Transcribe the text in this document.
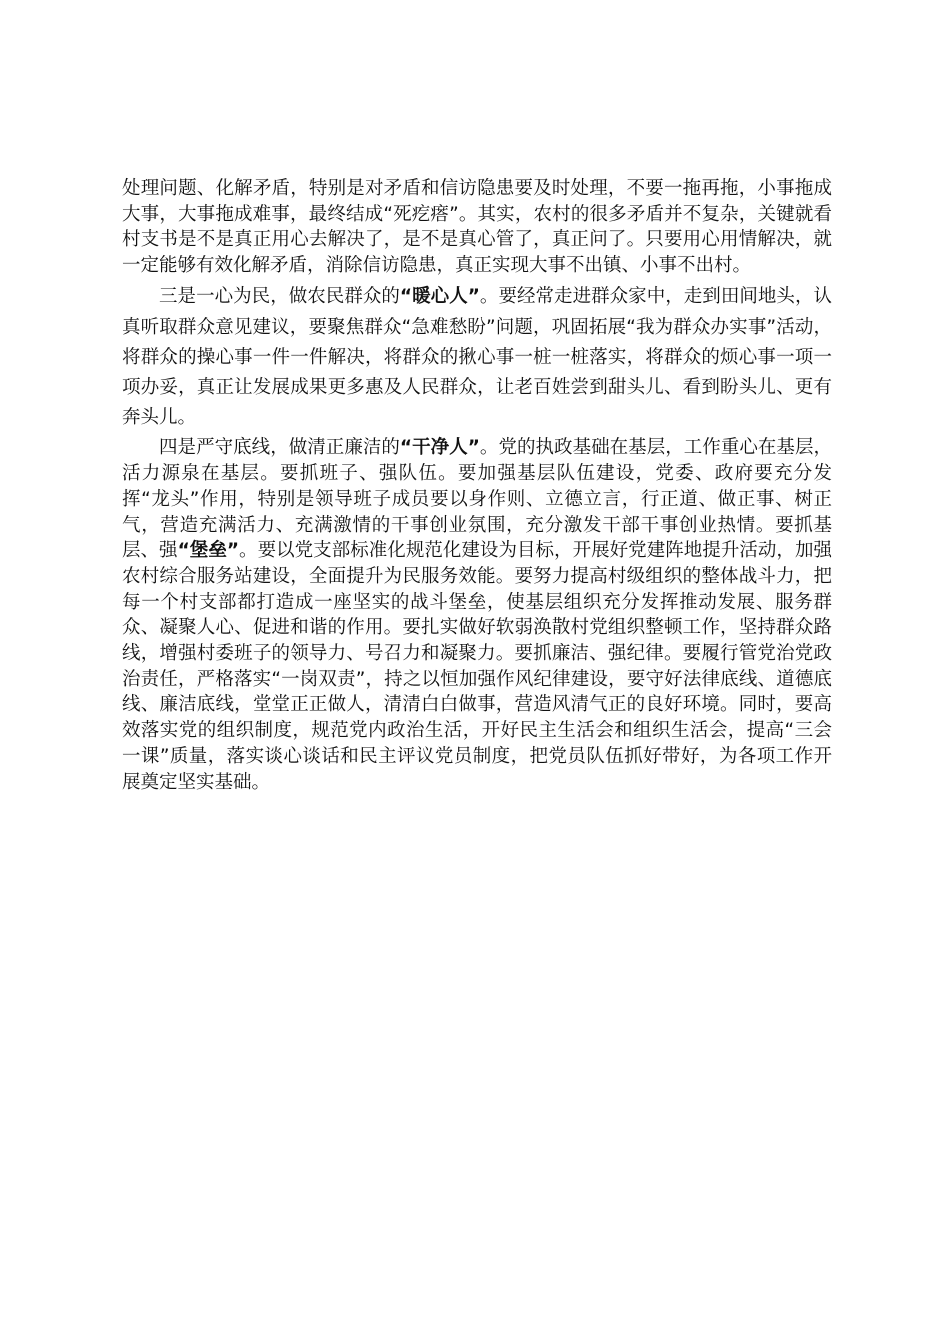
处理问题、化解矛盾，特别是对矛盾和信访隐患要及时处理，不要一拖再拖，小事拖成大事，大事拖成难事，最终结成“死疙瘩”。其实，农村的很多矛盾并不复杂，关键就看村支书是不是真正用心去解决了，是不是真心管了，真正问了。只要用心用情解决，就一定能够有效化解矛盾，消除信访隐患，真正实现大事不出镇、小事不出村。

三是一心为民，做农民群众的“暖心人”。要经常走进群众家中，走到田间地头，认真听取群众意见建议，要聚焦群众“急难愁盼”问题，巩固拓展“我为群众办实事”活动，将群众的操心事一件一件解决，将群众的揪心事一桩一桩落实，将群众的烦心事一项一项办妥，真正让发展成果更多惠及人民群众，让老百姓尝到甜头儿、看到盼头儿、更有奔头儿。

四是严守底线，做清正廉洁的“干净人”。党的执政基础在基层，工作重心在基层，活力源泉在基层。要抓班子、强队伍。要加强基层队伍建设，党委、政府要充分发挥“龙头”作用，特别是领导班子成员要以身作则、立德立言，行正道、做正事、树正气，营造充满活力、充满激情的干事创业氛围，充分激发干部干事创业热情。要抓基层、强“堡垒”。要以党支部标准化规范化建设为目标，开展好党建阵地提升活动，加强农村综合服务站建设，全面提升为民服务效能。要努力提高村级组织的整体战斗力，把每一个村支部都打造成一座坚实的战斗堡垒，使基层组织充分发挥推动发展、服务群众、凝聚人心、促进和谐的作用。要扎实做好软弱涣散村党组织整顿工作，坚持群众路线，增强村委班子的领导力、号召力和凝聚力。要抓廉洁、强纪律。要履行管党治党政治责任，严格落实“一岗双责”，持之以恒加强作风纪律建设，要守好法律底线、道德底线、廉洁底线，堂堂正正做人，清清白白做事，营造风清气正的良好环境。同时，要高效落实党的组织制度，规范党内政治生活，开好民主生活会和组织生活会，提高“三会一课”质量，落实谈心谈话和民主评议党员制度，把党员队伍抓好带好，为各项工作开展奠定坚实基础。
